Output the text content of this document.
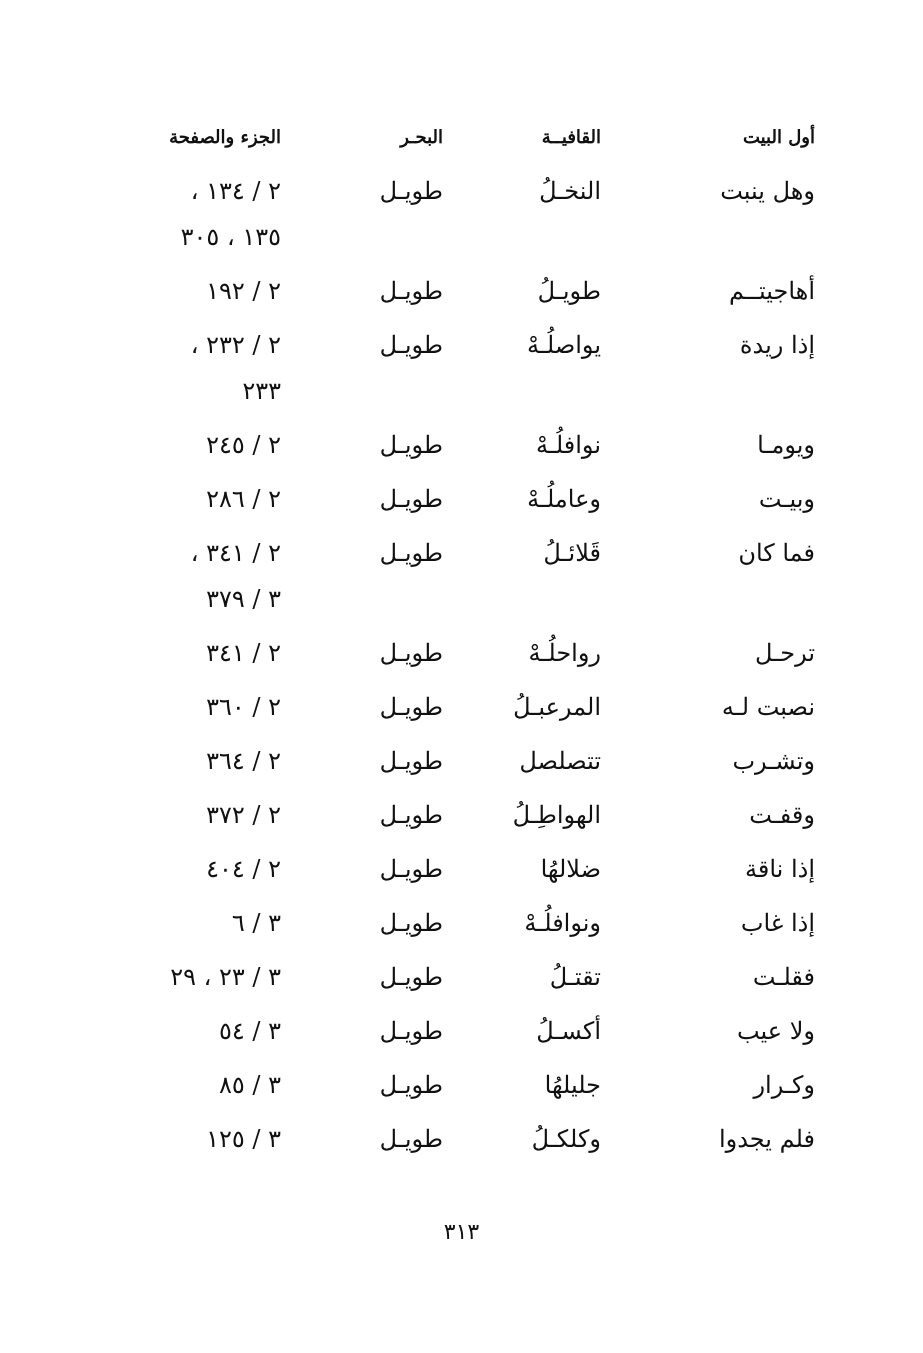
أول البيت
القافيــة
البحـر
الجزء والصفحة
وهل ينبت
النخـلُ
طويـل
٢ / ١٣٤ ،
١٣٥ ، ٣٠٥
أهاجيتــم
طويـلُ
طويـل
٢ / ١٩٢
إذا ريدة
يواصلُـهْ
طويـل
٢ / ٢٣٢ ،
٢٣٣
ويومـا
نوافلُـهْ
طويـل
٢ / ٢٤٥
وبيـت
وعاملُـهْ
طويـل
٢ / ٢٨٦
فما كان
قَلائـلُ
طويـل
٢ / ٣٤١ ،
٣ / ٣٧٩
ترحـل
رواحلُـهْ
طويـل
٢ / ٣٤١
نصبت لـه
المرعبـلُ
طويـل
٢ / ٣٦٠
وتشـرب
تتصلصل
طويـل
٢ / ٣٦٤
وقفـت
الهواطِـلُ
طويـل
٢ / ٣٧٢
إذا ناقة
ضلالهُا
طويـل
٢ / ٤٠٤
إذا غاب
ونوافلُـهْ
طويـل
٣ / ٦
فقلـت
تقتـلُ
طويـل
٣ / ٢٣ ، ٢٩
ولا عيب
أكسـلُ
طويـل
٣ / ٥٤
وكـرار
جليلهُا
طويـل
٣ / ٨٥
فلم يجدوا
وكلكـلُ
طويـل
٣ / ١٢٥
٣١٣
